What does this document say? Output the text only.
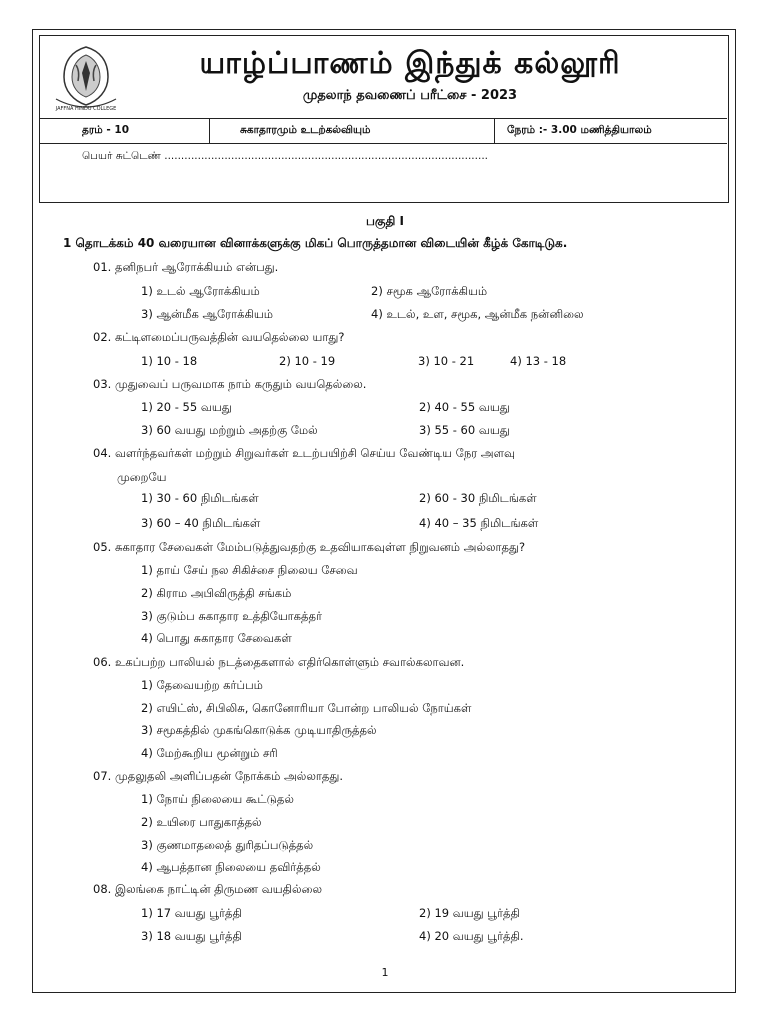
JAFFNA HINDU COLLEGE
யாழ்ப்பாணம் இந்துக் கல்லூரி
முதலாந் தவணைப் பரீட்சை - 2023
தரம் - 10	சுகாதாரமும் உடற்கல்வியும்	நேரம் :- 3.00 மணித்தியாலம்
பெயர் சுட்டெண் .................................................................................................
பகுதி I
1 தொடக்கம் 40 வரையான வினாக்களுக்கு மிகப் பொருத்தமான விடையின் கீழ்க் கோடிடுக.
01. தனிநபர் ஆரோக்கியம் என்பது.
1) உடல் ஆரோக்கியம்	2) சமூக ஆரோக்கியம்
3) ஆன்மீக ஆரோக்கியம்	4) உடல், உள, சமூக, ஆன்மீக நன்னிலை
02. கட்டிளமைப்பருவத்தின் வயதெல்லை யாது?
1) 10 - 18	2) 10 - 19	3) 10 - 21	4) 13 - 18
03. முதுவைப் பருவமாக நாம் கருதும் வயதெல்லை.
1) 20 - 55 வயது	2) 40 - 55 வயது
3) 60 வயது மற்றும் அதற்கு மேல்	3) 55 - 60 வயது
04. வளர்ந்தவர்கள் மற்றும் சிறுவர்கள் உடற்பயிற்சி செய்ய வேண்டிய நேர அளவு
முறையே
1) 30 - 60 நிமிடங்கள்	2) 60 - 30 நிமிடங்கள்
3) 60 – 40 நிமிடங்கள்	4) 40 – 35 நிமிடங்கள்
05. சுகாதார சேவைகள் மேம்படுத்துவதற்கு உதவியாகவுள்ள நிறுவனம் அல்லாதது?
1) தாய் சேய் நல சிகிச்சை நிலைய சேவை
2) கிராம அபிவிருத்தி சங்கம்
3) குடும்ப சுகாதார உத்தியோகத்தர்
4) பொது சுகாதார சேவைகள்
06. உகப்பற்ற பாலியல் நடத்தைகளால் எதிர்கொள்ளும் சவால்கலாவன.
1) தேவையற்ற கர்ப்பம்
2) எயிட்ஸ், சிபிலிசு, கொனோரியா போன்ற பாலியல் நோய்கள்
3) சமூகத்தில் முகங்கொடுக்க முடியாதிருத்தல்
4) மேற்கூறிய மூன்றும் சரி
07. முதலுதலி அளிப்பதன் நோக்கம் அல்லாதது.
1) நோய் நிலையை கூட்டுதல்
2) உயிரை பாதுகாத்தல்
3) குணமாதலைத் துரிதப்படுத்தல்
4) ஆபத்தான நிலையை தவிர்த்தல்
08. இலங்கை நாட்டின் திருமண வயதில்லை
1) 17 வயது பூர்த்தி	2) 19 வயது பூர்த்தி
3) 18 வயது பூர்த்தி	4) 20 வயது பூர்த்தி.
1
